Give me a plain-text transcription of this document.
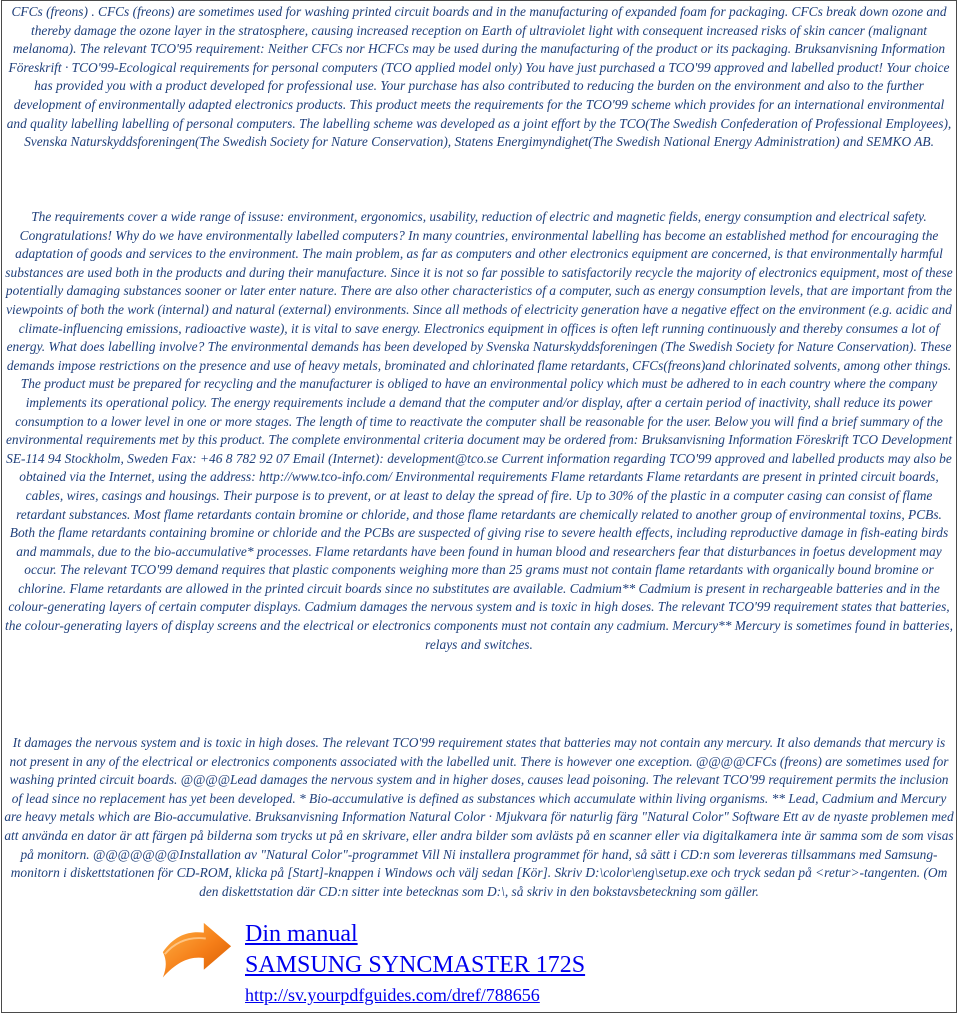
CFCs (freons) . CFCs (freons) are sometimes used for washing printed circuit boards and in the manufacturing of expanded foam for packaging. CFCs break down ozone and thereby damage the ozone layer in the stratosphere, causing increased reception on Earth of ultraviolet light with consequent increased risks of skin cancer (malignant melanoma). The relevant TCO'95 requirement: Neither CFCs nor HCFCs may be used during the manufacturing of the product or its packaging. Bruksanvisning Information Föreskrift · TCO'99-Ecological requirements for personal computers (TCO applied model only) You have just purchased a TCO'99 approved and labelled product! Your choice has provided you with a product developed for professional use. Your purchase has also contributed to reducing the burden on the environment and also to the further development of environmentally adapted electronics products. This product meets the requirements for the TCO'99 scheme which provides for an international environmental and quality labelling labelling of personal computers. The labelling scheme was developed as a joint effort by the TCO(The Swedish Confederation of Professional Employees), Svenska Naturskyddsforeningen(The Swedish Society for Nature Conservation), Statens Energimyndighet(The Swedish National Energy Administration) and SEMKO AB.

The requirements cover a wide range of issuse: environment, ergonomics, usability, reduction of electric and magnetic fields, energy consumption and electrical safety. Congratulations! Why do we have environmentally labelled computers? In many countries, environmental labelling has become an established method for encouraging the adaptation of goods and services to the environment. The main problem, as far as computers and other electronics equipment are concerned, is that environmentally harmful substances are used both in the products and during their manufacture. Since it is not so far possible to satisfactorily recycle the majority of electronics equipment, most of these potentially damaging substances sooner or later enter nature. There are also other characteristics of a computer, such as energy consumption levels, that are important from the viewpoints of both the work (internal) and natural (external) environments. Since all methods of electricity generation have a negative effect on the environment (e.g. acidic and climate-influencing emissions, radioactive waste), it is vital to save energy. Electronics equipment in offices is often left running continuously and thereby consumes a lot of energy. What does labelling involve? The environmental demands has been developed by Svenska Naturskyddsforeningen (The Swedish Society for Nature Conservation). These demands impose restrictions on the presence and use of heavy metals, brominated and chlorinated flame retardants, CFCs(freons)and chlorinated solvents, among other things. The product must be prepared for recycling and the manufacturer is obliged to have an environmental policy which must be adhered to in each country where the company implements its operational policy. The energy requirements include a demand that the computer and/or display, after a certain period of inactivity, shall reduce its power consumption to a lower level in one or more stages. The length of time to reactivate the computer shall be reasonable for the user. Below you will find a brief summary of the environmental requirements met by this product. The complete environmental criteria document may be ordered from: Bruksanvisning Information Föreskrift TCO Development SE-114 94 Stockholm, Sweden Fax: +46 8 782 92 07 Email (Internet): development@tco.se Current information regarding TCO'99 approved and labelled products may also be obtained via the Internet, using the address: http://www.tco-info.com/ Environmental requirements Flame retardants Flame retardants are present in printed circuit boards, cables, wires, casings and housings. Their purpose is to prevent, or at least to delay the spread of fire. Up to 30% of the plastic in a computer casing can consist of flame retardant substances. Most flame retardants contain bromine or chloride, and those flame retardants are chemically related to another group of environmental toxins, PCBs. Both the flame retardants containing bromine or chloride and the PCBs are suspected of giving rise to severe health effects, including reproductive damage in fish-eating birds and mammals, due to the bio-accumulative* processes. Flame retardants have been found in human blood and researchers fear that disturbances in foetus development may occur. The relevant TCO'99 demand requires that plastic components weighing more than 25 grams must not contain flame retardants with organically bound bromine or chlorine. Flame retardants are allowed in the printed circuit boards since no substitutes are available. Cadmium** Cadmium is present in rechargeable batteries and in the colour-generating layers of certain computer displays. Cadmium damages the nervous system and is toxic in high doses. The relevant TCO'99 requirement states that batteries, the colour-generating layers of display screens and the electrical or electronics components must not contain any cadmium. Mercury** Mercury is sometimes found in batteries, relays and switches.

It damages the nervous system and is toxic in high doses. The relevant TCO'99 requirement states that batteries may not contain any mercury. It also demands that mercury is not present in any of the electrical or electronics components associated with the labelled unit. There is however one exception. @@@@CFCs (freons) are sometimes used for washing printed circuit boards. @@@@Lead damages the nervous system and in higher doses, causes lead poisoning. The relevant TCO'99 requirement permits the inclusion of lead since no replacement has yet been developed. * Bio-accumulative is defined as substances which accumulate within living organisms. ** Lead, Cadmium and Mercury are heavy metals which are Bio-accumulative. Bruksanvisning Information Natural Color · Mjukvara för naturlig färg "Natural Color" Software Ett av de nyaste problemen med att använda en dator är att färgen på bilderna som trycks ut på en skrivare, eller andra bilder som avlästs på en scanner eller via digitalkamera inte är samma som de som visas på monitorn. @@@@@@@Installation av "Natural Color"-programmet Vill Ni installera programmet för hand, så sätt i CD:n som levereras tillsammans med Samsung-monitorn i diskettstationen för CD-ROM, klicka på [Start]-knappen i Windows och välj sedan [Kör]. Skriv D:\color\eng\setup.exe och tryck sedan på <retur>-tangenten. (Om den diskettstation där CD:n sitter inte betecknas som D:\, så skriv in den bokstavsbeteckning som gäller.

Din manual
SAMSUNG SYNCMASTER 172S
http://sv.yourpdfguides.com/dref/788656
